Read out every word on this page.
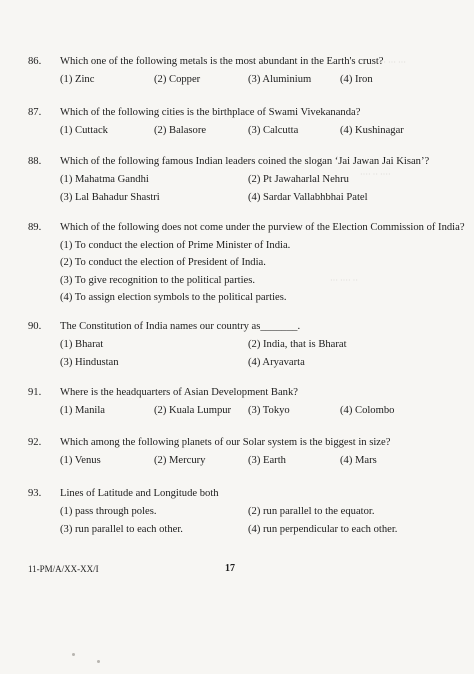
··· ··· ···
···· ·· ····
··· ···· ··
86.	Which one of the following metals is the most abundant in the Earth's crust?
(1) Zinc	(2) Copper	(3) Aluminium	(4) Iron
87.	Which of the following cities is the birthplace of Swami Vivekananda?
(1) Cuttack	(2) Balasore	(3) Calcutta	(4) Kushinagar
88.	Which of the following famous Indian leaders coined the slogan ‘Jai Jawan Jai Kisan’?
(1) Mahatma Gandhi	(2) Pt Jawaharlal Nehru
(3) Lal Bahadur Shastri	(4) Sardar Vallabhbhai Patel
89.	Which of the following does not come under the purview of the Election Commission of India?
(1) To conduct the election of Prime Minister of India.
(2) To conduct the election of President of India.
(3) To give recognition to the political parties.
(4) To assign election symbols to the political parties.
90.	The Constitution of India names our country as_______.
(1) Bharat	(2) India, that is Bharat
(3) Hindustan	(4) Aryavarta
91.	Where is the headquarters of Asian Development Bank?
(1) Manila	(2) Kuala Lumpur (3) Tokyo	(4) Colombo
92.	Which among the following planets of our Solar system is the biggest in size?
(1) Venus	(2) Mercury	(3) Earth	(4) Mars
93.	Lines of Latitude and Longitude both
(1) pass through poles.	(2) run parallel to the equator.
(3) run parallel to each other.	(4) run perpendicular to each other.
11-PM/A/XX-XX/I	17
